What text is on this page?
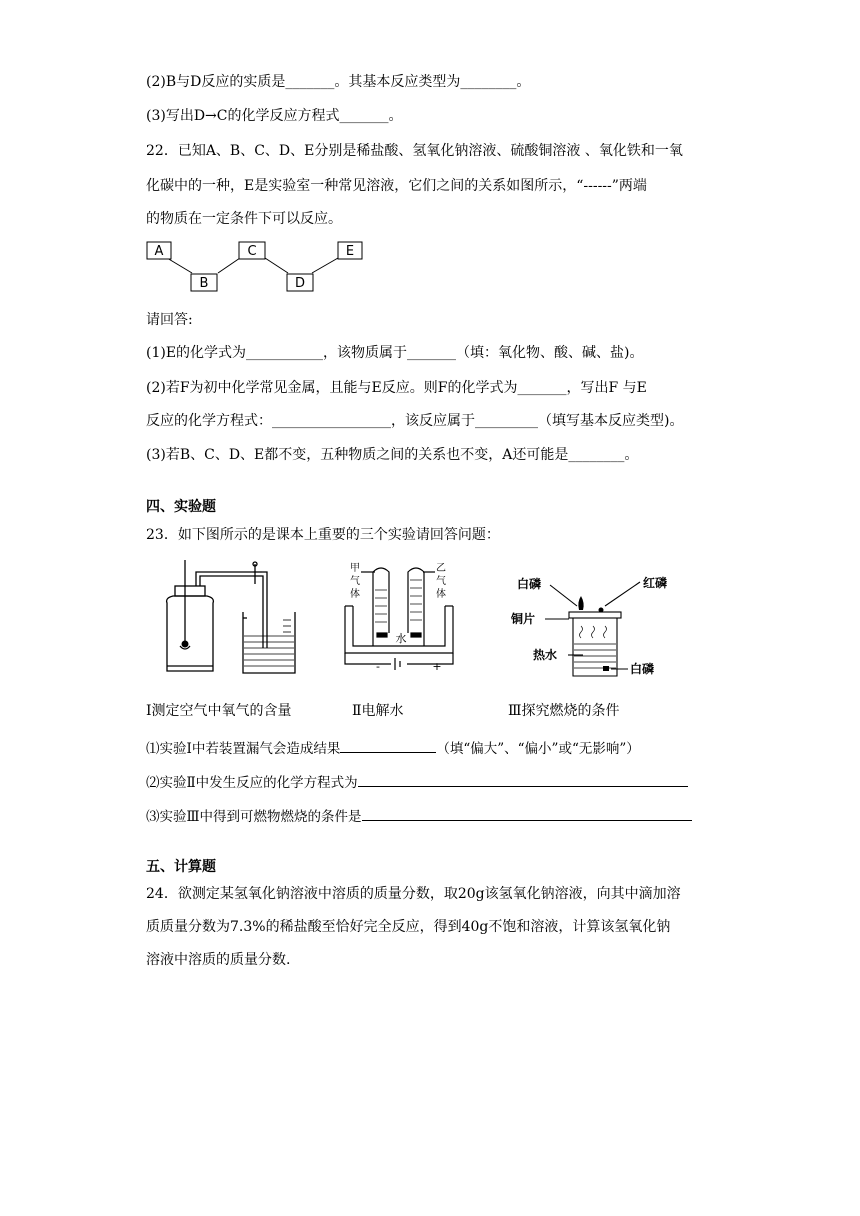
(2)B与D反应的实质是_______。其基本反应类型为________。
(3)写出D→C的化学反应方程式_______。
22．已知A、B、C、D、E分别是稀盐酸、氢氧化钠溶液、硫酸铜溶液 、氧化铁和一氧
化碳中的一种，E是实验室一种常见溶液，它们之间的关系如图所示，“------”两端
的物质在一定条件下可以反应。
A
B
C
D
E
请回答:
(1)E的化学式为___________，该物质属于_______（填：氧化物、酸、碱、盐)。
(2)若F为初中化学常见金属，且能与E反应。则F的化学式为_______，写出F 与E
反应的化学方程式：_________________，该反应属于_________（填写基本反应类型)。
(3)若B、C、D、E都不变，五种物质之间的关系也不变，A还可能是________。
四、实验题
23．如下图所示的是课本上重要的三个实验请回答问题：
甲
气
体
乙
气
体
水
-	+
白磷	红磷
铜片
热水
白磷
Ⅰ测定空气中氧气的含量	Ⅱ电解水	Ⅲ探究燃烧的条件
⑴实验Ⅰ中若装置漏气会造成结果	（填“偏大”、“偏小”或“无影响”）
⑵实验Ⅱ中发生反应的化学方程式为
⑶实验Ⅲ中得到可燃物燃烧的条件是
五、计算题
24．欲测定某氢氧化钠溶液中溶质的质量分数，取20g该氢氧化钠溶液，向其中滴加溶
质质量分数为7.3%的稀盐酸至恰好完全反应，得到40g不饱和溶液，计算该氢氧化钠
溶液中溶质的质量分数.
